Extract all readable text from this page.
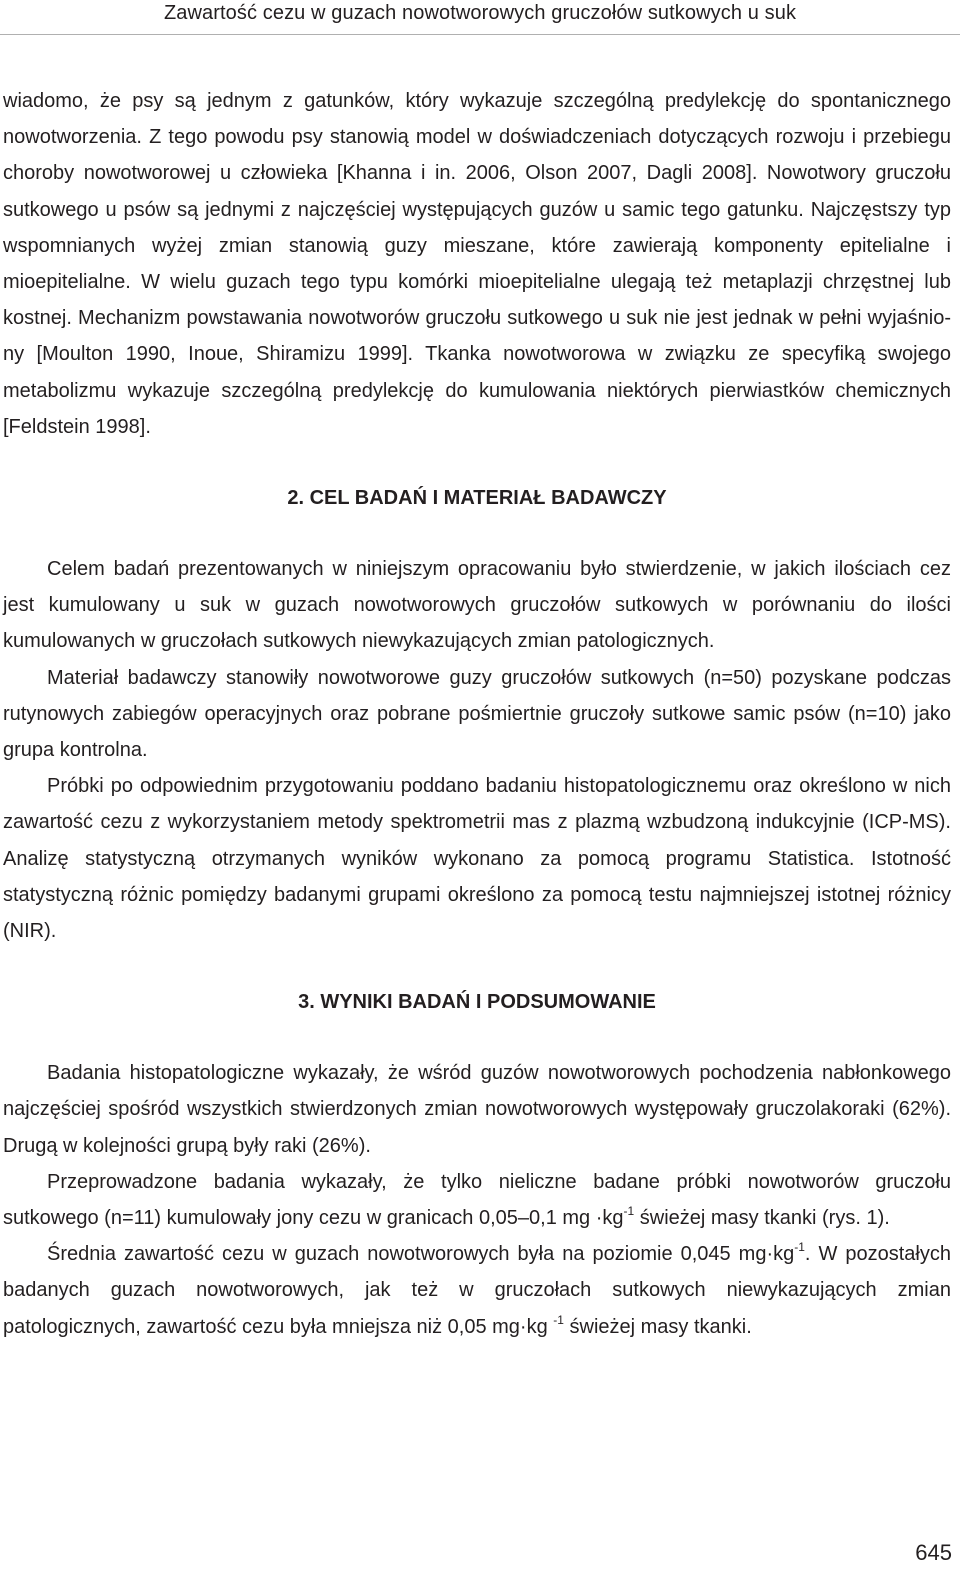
Zawartość cezu w guzach nowotworowych gruczołów sutkowych u suk

wiadomo, że psy są jednym z gatunków, który wykazuje szczególną predylekcję do spontanicznego nowotworzenia. Z tego powodu psy stanowią model w doświadczeniach dotyczących rozwoju i przebiegu choroby nowotworowej u człowieka [Khanna i in. 2006, Olson 2007, Dagli 2008]. Nowotwory gruczołu sutkowego u psów są jednymi z najczęściej występujących guzów u samic tego gatunku. Najczęstszy typ wspomnianych wyżej zmian stanowią guzy mieszane, które zawierają komponenty epitelialne i mioepitelialne. W wielu guzach tego typu komórki mioepitelialne ulegają też metaplazji chrzęstnej lub kostnej. Mechanizm powstawania nowotworów gruczołu sutkowego u suk nie jest jednak w pełni wyjaśniony [Moulton 1990, Inoue, Shiramizu 1999]. Tkanka nowotworowa w związku ze specyfiką swojego metabolizmu wykazuje szczególną predylekcję do kumulowania niektórych pierwiastków chemicznych [Feldstein 1998].

2. CEL BADAŃ I MATERIAŁ BADAWCZY

Celem badań prezentowanych w niniejszym opracowaniu było stwierdzenie, w jakich ilościach cez jest kumulowany u suk w guzach nowotworowych gruczołów sutkowych w porównaniu do ilości kumulowanych w gruczołach sutkowych niewykazujących zmian patologicznych.

Materiał badawczy stanowiły nowotworowe guzy gruczołów sutkowych (n=50) pozyskane podczas rutynowych zabiegów operacyjnych oraz pobrane pośmiertnie gruczoły sutkowe samic psów (n=10) jako grupa kontrolna.

Próbki po odpowiednim przygotowaniu poddano badaniu histopatologicznemu oraz określono w nich zawartość cezu z wykorzystaniem metody spektrometrii mas z plazmą wzbudzoną indukcyjnie (ICP-MS). Analizę statystyczną otrzymanych wyników wykonano za pomocą programu Statistica. Istotność statystyczną różnic pomiędzy badanymi grupami określono za pomocą testu najmniejszej istotnej różnicy (NIR).

3. WYNIKI BADAŃ I PODSUMOWANIE

Badania histopatologiczne wykazały, że wśród guzów nowotworowych pochodzenia nabłonkowego najczęściej spośród wszystkich stwierdzonych zmian nowotworowych występowały gruczolakoraki (62%). Drugą w kolejności grupą były raki (26%).

Przeprowadzone badania wykazały, że tylko nieliczne badane próbki nowotworów gruczołu sutkowego (n=11) kumulowały jony cezu w granicach 0,05–0,1 mg $\cdot kg^{-1}$ świeżej masy tkanki (rys. 1).

Średnia zawartość cezu w guzach nowotworowych była na poziomie 0,045 $mg\cdot kg^{-1}$. W pozostałych badanych guzach nowotworowych, jak też w gruczołach sutkowych niewykazujących zmian patologicznych, zawartość cezu była mniejsza niż 0,05 mg·kg $^{-1}$ świeżej masy tkanki.

645
